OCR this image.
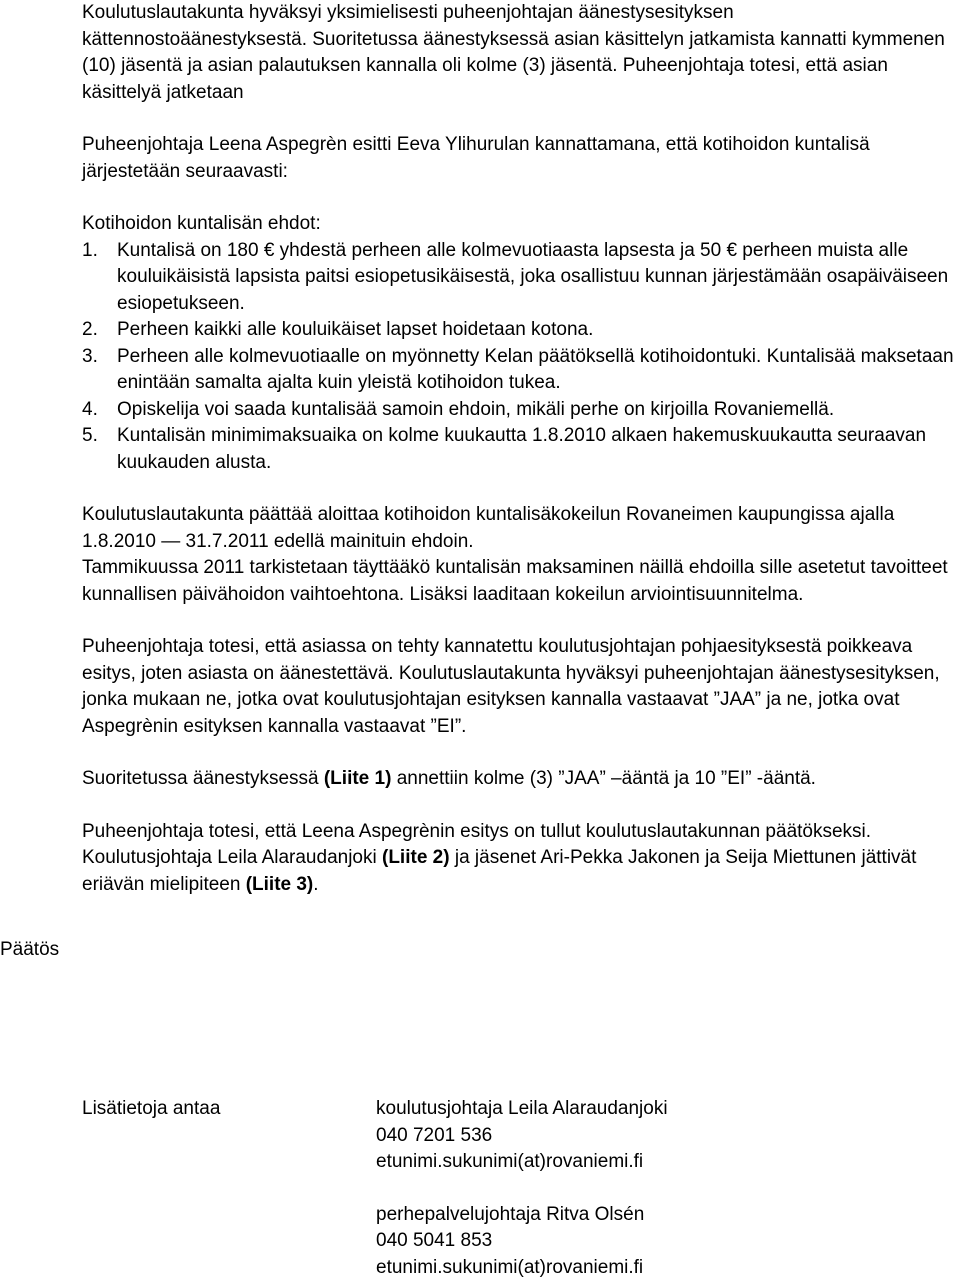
Koulutuslautakunta hyväksyi yksimielisesti puheenjohtajan äänestysesityksen kättennostoäänestyksestä. Suoritetussa äänestyksessä asian käsittelyn jatkamista kannatti kymmenen (10) jäsentä ja asian palautuksen kannalla oli kolme (3) jäsentä. Puheenjohtaja totesi, että asian käsittelyä jatketaan

Puheenjohtaja Leena Aspegrèn esitti Eeva Ylihurulan kannattamana, että kotihoidon kuntalisä järjestetään seuraavasti:

Kotihoidon kuntalisän ehdot:

1.	Kuntalisä on 180 € yhdestä perheen alle kolmevuotiaasta lapsesta ja 50 € perheen muista alle kouluikäisistä lapsista paitsi esiopetusikäisestä, joka osallistuu kunnan järjestämään osapäiväiseen esiopetukseen.
2.	Perheen kaikki alle kouluikäiset lapset hoidetaan kotona.
3.	Perheen alle kolmevuotiaalle on myönnetty Kelan päätöksellä kotihoidontuki. Kuntalisää maksetaan enintään samalta ajalta kuin yleistä kotihoidon tukea.
4.	Opiskelija voi saada kuntalisää samoin ehdoin, mikäli perhe on kirjoilla Rovaniemellä.
5.	Kuntalisän minimimaksuaika on kolme kuukautta 1.8.2010 alkaen hakemuskuukautta seuraavan kuukauden alusta.

Koulutuslautakunta päättää aloittaa kotihoidon kuntalisäkokeilun Rovaneimen kaupungissa ajalla 1.8.2010 — 31.7.2011 edellä mainituin ehdoin.

Tammikuussa 2011 tarkistetaan täyttääkö kuntalisän maksaminen näillä ehdoilla sille asetetut tavoitteet kunnallisen päivähoidon vaihtoehtona. Lisäksi laaditaan kokeilun arviointisuunnitelma.

Puheenjohtaja totesi, että asiassa on tehty kannatettu koulutusjohtajan pohjaesityksestä poikkeava esitys, joten asiasta on äänestettävä. Koulutuslautakunta hyväksyi puheenjohtajan äänestysesityksen, jonka mukaan ne, jotka ovat koulutusjohtajan esityksen kannalla vastaavat ”JAA” ja ne, jotka ovat Aspegrènin esityksen kannalla vastaavat ”EI”.

Suoritetussa äänestyksessä (Liite 1) annettiin kolme (3) ”JAA” –ääntä ja 10 ”EI” -ääntä.

Puheenjohtaja totesi, että Leena Aspegrènin esitys on tullut koulutuslautakunnan päätökseksi. Koulutusjohtaja Leila Alaraudanjoki (Liite 2) ja jäsenet Ari-Pekka Jakonen ja Seija Miettunen jättivät eriävän mielipiteen (Liite 3).

Päätös
Lisätietoja antaa	koulutusjohtaja Leila Alaraudanjoki
040 7201 536
etunimi.sukunimi(at)rovaniemi.fi
perhepalvelujohtaja Ritva Olsén
040 5041 853
etunimi.sukunimi(at)rovaniemi.fi
